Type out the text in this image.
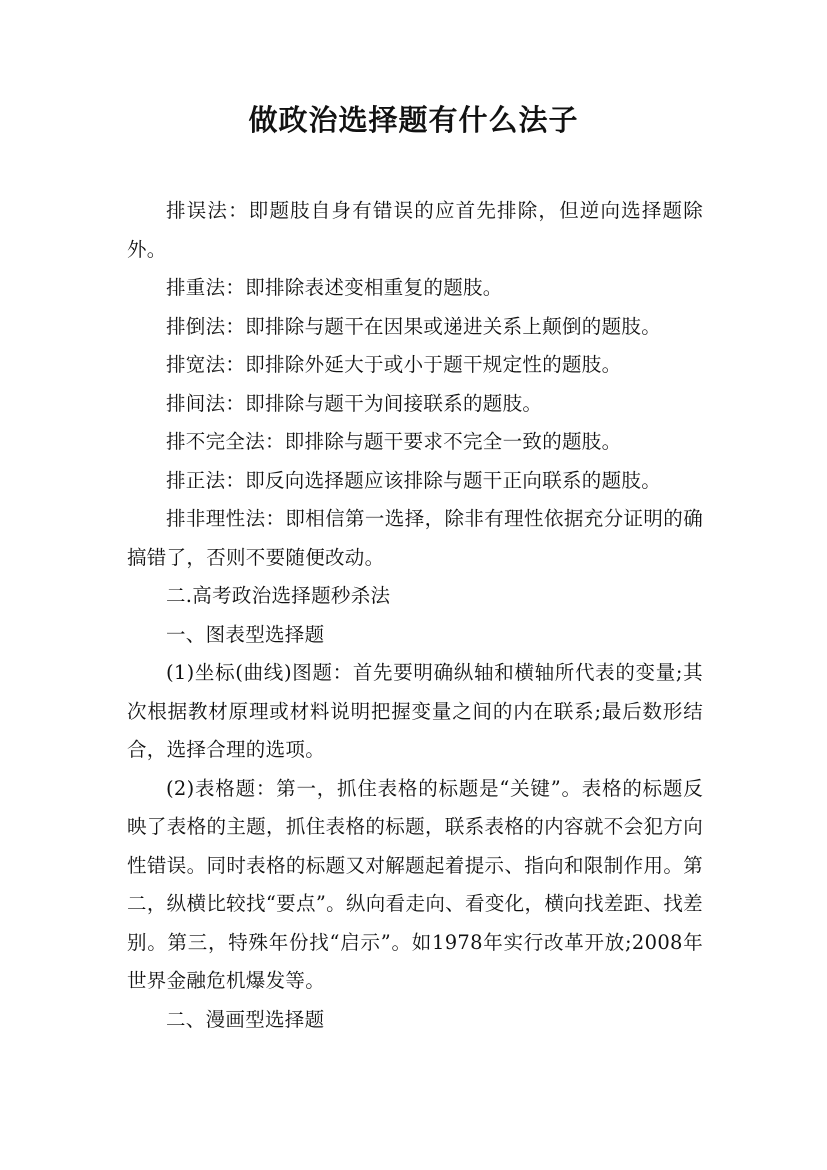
做政治选择题有什么法子

排误法：即题肢自身有错误的应首先排除，但逆向选择题除外。

排重法：即排除表述变相重复的题肢。

排倒法：即排除与题干在因果或递进关系上颠倒的题肢。

排宽法：即排除外延大于或小于题干规定性的题肢。

排间法：即排除与题干为间接联系的题肢。

排不完全法：即排除与题干要求不完全一致的题肢。

排正法：即反向选择题应该排除与题干正向联系的题肢。

排非理性法：即相信第一选择，除非有理性依据充分证明的确搞错了，否则不要随便改动。

二.高考政治选择题秒杀法

一、图表型选择题

(1)坐标(曲线)图题：首先要明确纵轴和横轴所代表的变量;其次根据教材原理或材料说明把握变量之间的内在联系;最后数形结合，选择合理的选项。

(2)表格题：第一，抓住表格的标题是“关键”。表格的标题反映了表格的主题，抓住表格的标题，联系表格的内容就不会犯方向性错误。同时表格的标题又对解题起着提示、指向和限制作用。第二，纵横比较找“要点”。纵向看走向、看变化，横向找差距、找差别。第三，特殊年份找“启示”。如1978年实行改革开放;2008年世界金融危机爆发等。

二、漫画型选择题
